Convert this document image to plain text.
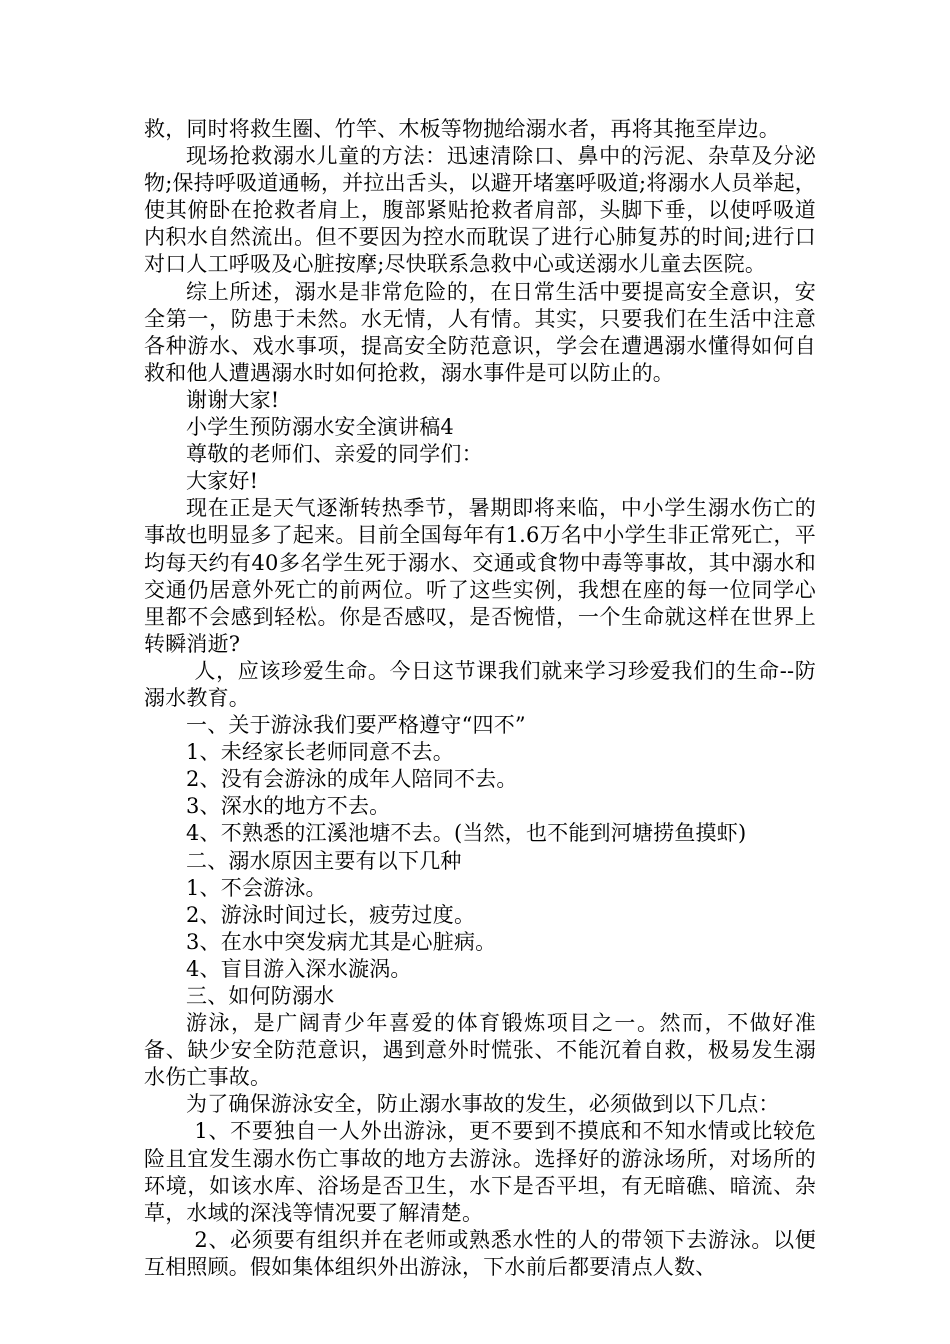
救，同时将救生圈、竹竿、木板等物抛给溺水者，再将其拖至岸边。

现场抢救溺水儿童的方法：迅速清除口、鼻中的污泥、杂草及分泌物;保持呼吸道通畅，并拉出舌头，以避开堵塞呼吸道;将溺水人员举起，使其俯卧在抢救者肩上，腹部紧贴抢救者肩部，头脚下垂，以使呼吸道内积水自然流出。但不要因为控水而耽误了进行心肺复苏的时间;进行口对口人工呼吸及心脏按摩;尽快联系急救中心或送溺水儿童去医院。

综上所述，溺水是非常危险的，在日常生活中要提高安全意识，安全第一，防患于未然。水无情，人有情。其实，只要我们在生活中注意各种游水、戏水事项，提高安全防范意识，学会在遭遇溺水懂得如何自救和他人遭遇溺水时如何抢救，溺水事件是可以防止的。

谢谢大家!

小学生预防溺水安全演讲稿4

尊敬的老师们、亲爱的同学们：

大家好!

现在正是天气逐渐转热季节，暑期即将来临，中小学生溺水伤亡的事故也明显多了起来。目前全国每年有1.6万名中小学生非正常死亡，平均每天约有40多名学生死于溺水、交通或食物中毒等事故，其中溺水和交通仍居意外死亡的前两位。听了这些实例，我想在座的每一位同学心里都不会感到轻松。你是否感叹，是否惋惜，一个生命就这样在世界上转瞬消逝?

人，应该珍爱生命。今日这节课我们就来学习珍爱我们的生命--防溺水教育。

一、关于游泳我们要严格遵守“四不”

1、未经家长老师同意不去。

2、没有会游泳的成年人陪同不去。

3、深水的地方不去。

4、不熟悉的江溪池塘不去。(当然，也不能到河塘捞鱼摸虾)

二、溺水原因主要有以下几种

1、不会游泳。

2、游泳时间过长，疲劳过度。

3、在水中突发病尤其是心脏病。

4、盲目游入深水漩涡。

三、如何防溺水

游泳，是广阔青少年喜爱的体育锻炼项目之一。然而，不做好准备、缺少安全防范意识，遇到意外时慌张、不能沉着自救，极易发生溺水伤亡事故。

为了确保游泳安全，防止溺水事故的发生，必须做到以下几点：

1、不要独自一人外出游泳，更不要到不摸底和不知水情或比较危险且宜发生溺水伤亡事故的地方去游泳。选择好的游泳场所，对场所的环境，如该水库、浴场是否卫生，水下是否平坦，有无暗礁、暗流、杂草，水域的深浅等情况要了解清楚。

2、必须要有组织并在老师或熟悉水性的人的带领下去游泳。以便互相照顾。假如集体组织外出游泳，下水前后都要清点人数、
